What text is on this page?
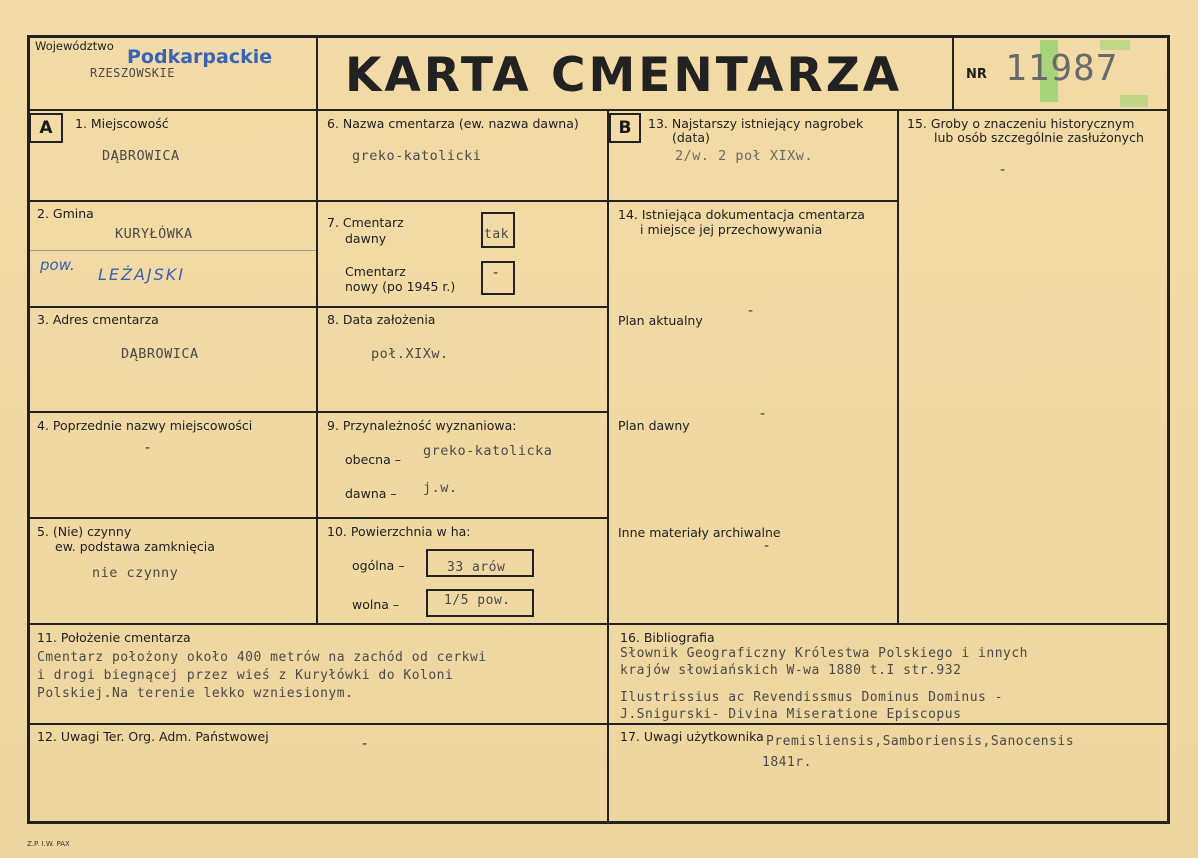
Województwo Podkarpackie
RZESZOWSKIE	KARTA CMENTARZA	NR 11987
A	1. Miejscowość
DĄBROWICA
2. Gmina
KURYŁÓWKA
pow. LEŻAJSKI
3. Adres cmentarza
DĄBROWICA
4. Poprzednie nazwy miejscowości
-
5. (Nie) czynny
ew. podstawa zamknięcia
nie czynny
6. Nazwa cmentarza (ew. nazwa dawna)
greko-katolicki
7. Cmentarz
dawny	tak
Cmentarz
nowy (po 1945 r.)
-
8. Data założenia
poł.XIXw.
9. Przynależność wyznaniowa:
obecna –
greko-katolicka
dawna – j.w.
10. Powierzchnia w ha:
ogólna –	33 arów
wolna –	1/5 pow.
B	13. Najstarszy istniejący nagrobek
(data)
2/w. 2 poł XIXw.
14. Istniejąca dokumentacja cmentarza
i miejsce jej przechowywania
Plan aktualny
-
Plan dawny
-
Inne materiały archiwalne
-
15. Groby o znaczeniu historycznym
lub osób szczególnie zasłużonych
-
11. Położenie cmentarza
Cmentarz położony około 400 metrów na zachód od cerkwi
i drogi biegnącej przez wieś z Kuryłówki do Koloni
Polskiej.Na terenie lekko wzniesionym.
12. Uwagi Ter. Org. Adm. Państwowej	-
16. Bibliografia
Słownik Geograficzny Królestwa Polskiego i innych
krajów słowiańskich W-wa 1880 t.I str.932
Ilustrissius ac Revendissmus Dominus Dominus -
J.Snigurski- Divina Miseratione Episcopus
17. Uwagi użytkownika Premisliensis,Samboriensis,Sanocensis
1841r.
Z.P. I.W. PAX
